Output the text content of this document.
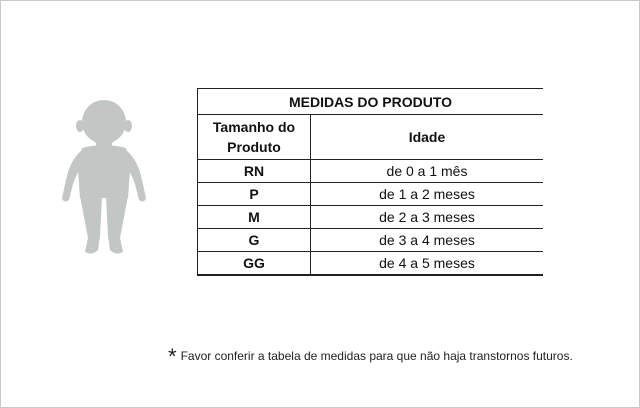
MEDIDAS DO PRODUTO	
Tamanho do Produto	Idade
RN	de 0 a 1 mês
P	de 1 a 2 meses
M	de 2 a 3 meses
G	de 3 a 4 meses
GG	de 4 a 5 meses
* Favor conferir a tabela de medidas para que não haja transtornos futuros.
